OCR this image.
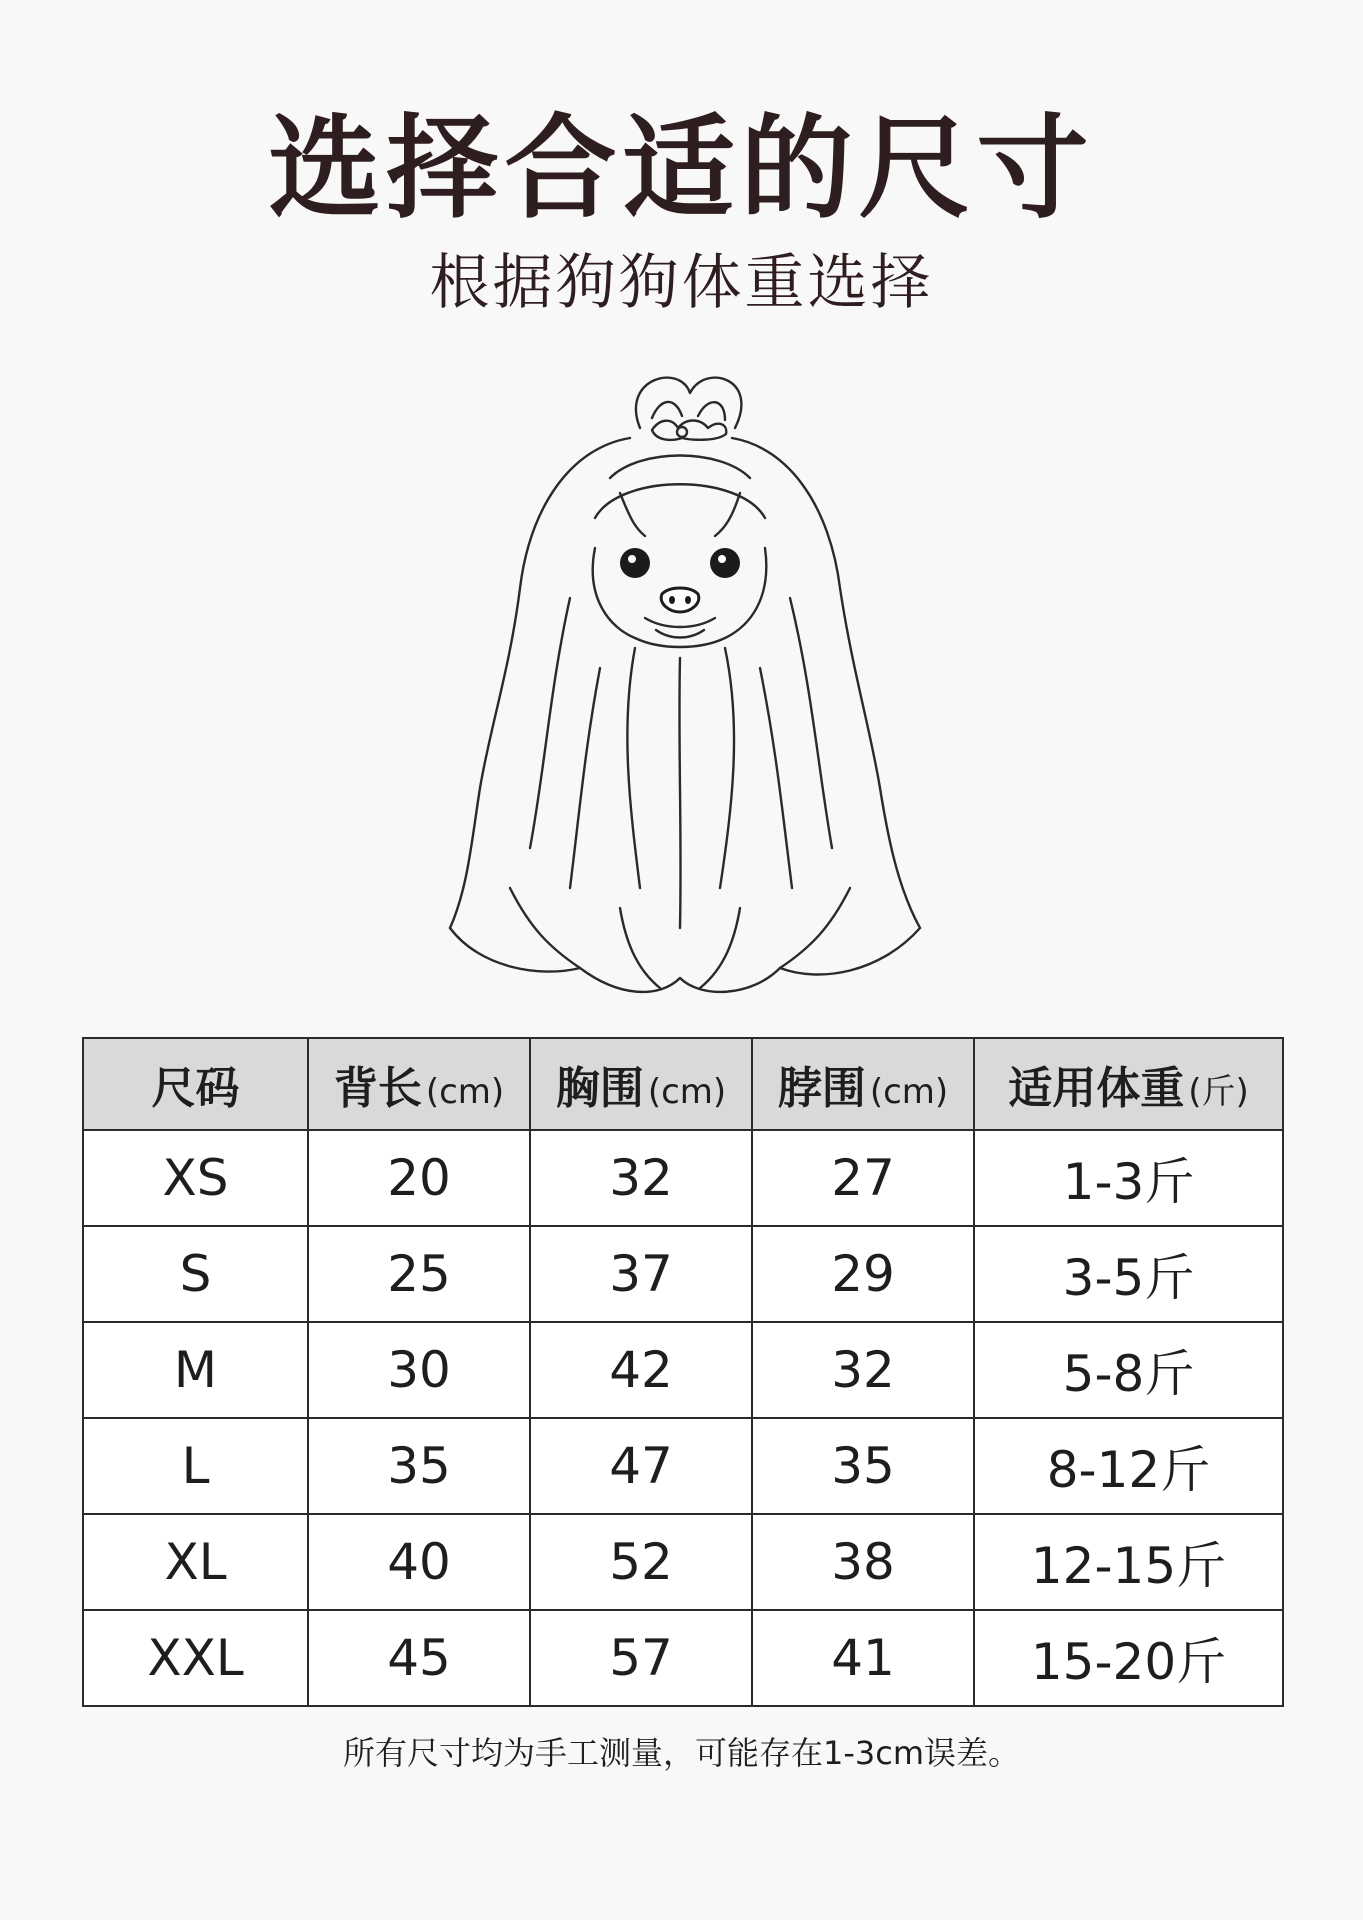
选择合适的尺寸
根据狗狗体重选择
尺码	背长 (cm)	胸围 (cm)	脖围 (cm)	适用体重 (斤)
XS	20	32	27	1-3斤
S	25	37	29	3-5斤
M	30	42	32	5-8斤
L	35	47	35	8-12斤
XL	40	52	38	12-15斤
XXL	45	57	41	15-20斤
所有尺寸均为手工测量，可能存在1-3cm误差。
